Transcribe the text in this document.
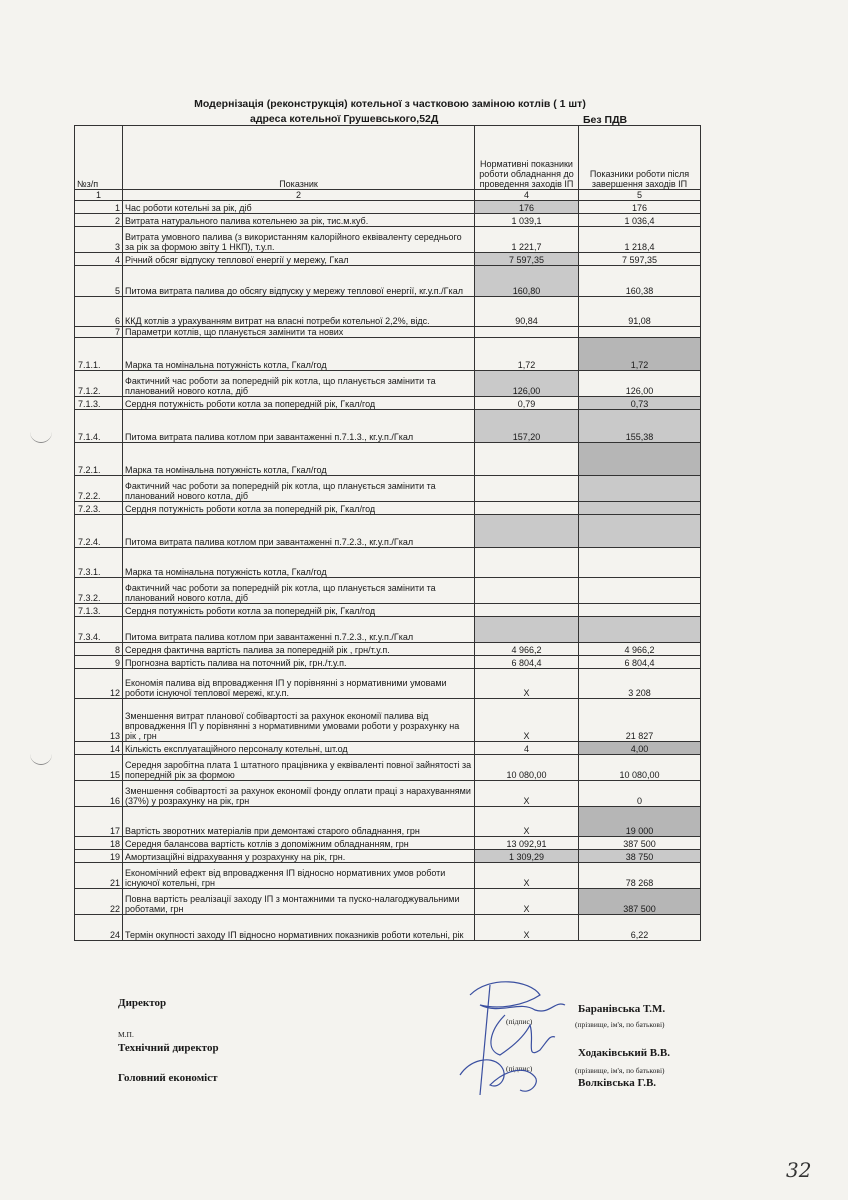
Модернізація (реконструкція) котельної з частковою заміною котлів ( 1 шт)
адреса котельної Грушевського,52Д	Без ПДВ
№з/п	Показник	Нормативні показники роботи обладнання до проведення заходів ІП	Показники роботи після завершення заходів ІП
1	2	4	5
1	Час роботи котельні за рік, діб	176	176
2	Витрата натурального палива котельнею за рік, тис.м.куб.	1 039,1	1 036,4
3	Витрата умовного палива (з використанням калорійного еквіваленту середнього за рік за формою звіту 1 НКП), т.у.п.	1 221,7	1 218,4
4	Річний обсяг відпуску теплової енергії у мережу, Гкал	7 597,35	7 597,35
5	Питома витрата палива до обсягу відпуску у мережу теплової енергії, кг.у.п./Гкал	160,80	160,38
6	ККД котлів з урахуванням витрат на власні потреби котельної 2,2%, відс.	90,84	91,08
7	Параметри котлів, що планується замінити та нових		
7.1.1.	Марка та номінальна потужність котла, Гкал/год	1,72	1,72
7.1.2.	Фактичний час роботи за попередній рік котла, що планується замінити та планований нового котла, діб	126,00	126,00
7.1.3.	Сердня потужність роботи котла за попередній рік, Гкал/год	0,79	0,73
7.1.4.	Питома витрата палива котлом при завантаженні п.7.1.3., кг.у.п./Гкал	157,20	155,38
7.2.1.	Марка та номінальна потужність котла, Гкал/год		
7.2.2.	Фактичний час роботи за попередній рік котла, що планується замінити та планований нового котла, діб		
7.2.3.	Сердня потужність роботи котла за попередній рік, Гкал/год		
7.2.4.	Питома витрата палива котлом при завантаженні п.7.2.3., кг.у.п./Гкал		
7.3.1.	Марка та номінальна потужність котла, Гкал/год		
7.3.2.	Фактичний час роботи за попередній рік котла, що планується замінити та планований нового котла, діб		
7.1.3.	Сердня потужність роботи котла за попередній рік, Гкал/год		
7.3.4.	Питома витрата палива котлом при завантаженні п.7.2.3., кг.у.п./Гкал		
8	Середня фактична вартість палива за попередній рік , грн/т.у.п.	4 966,2	4 966,2
9	Прогнозна вартість палива на поточний рік, грн./т.у.п.	6 804,4	6 804,4
12	Економія палива від впровадження ІП у порівнянні з нормативними умовами роботи існуючої теплової мережі, кг.у.п.	Х	3 208
13	Зменшення витрат планової собівартості за рахунок економії палива від впровадження ІП у порівнянні з нормативними умовами роботи у розрахунку на рік , грн	Х	21 827
14	Кількість експлуатаційного персоналу котельні, шт.од	4	4,00
15	Середня заробітна плата 1 штатного працівника у еквіваленті повної зайнятості за попередній рік за формою	10 080,00	10 080,00
16	Зменшення собівартості за рахунок економії фонду оплати праці з нарахуваннями (37%) у розрахунку на рік, грн	Х	0
17	Вартість зворотних матеріалів при демонтажі старого обладнання, грн	Х	19 000
18	Середня балансова вартість котлів з допоміжним обладнанням, грн	13 092,91	387 500
19	Амортизаційні відрахування у розрахунку на рік, грн.	1 309,29	38 750
21	Економічний ефект від впровадження ІП відносно нормативних умов роботи існуючої котельні, грн	Х	78 268
22	Повна вартість реалізації заходу ІП з монтажними та пуско-налагоджувальними роботами, грн	Х	387 500
24	Термін окупності заходу ІП відносно нормативних показників роботи котельні, рік	Х	6,22
Директор
М.П.
Технічний директор
Головний економіст
(підпис)
(підпис)
(прізвище, ім'я, по батькові)
(прізвище, ім'я, по батькові)
Баранівська Т.М.
Ходаківський В.В.
Волківська Г.В.
32
